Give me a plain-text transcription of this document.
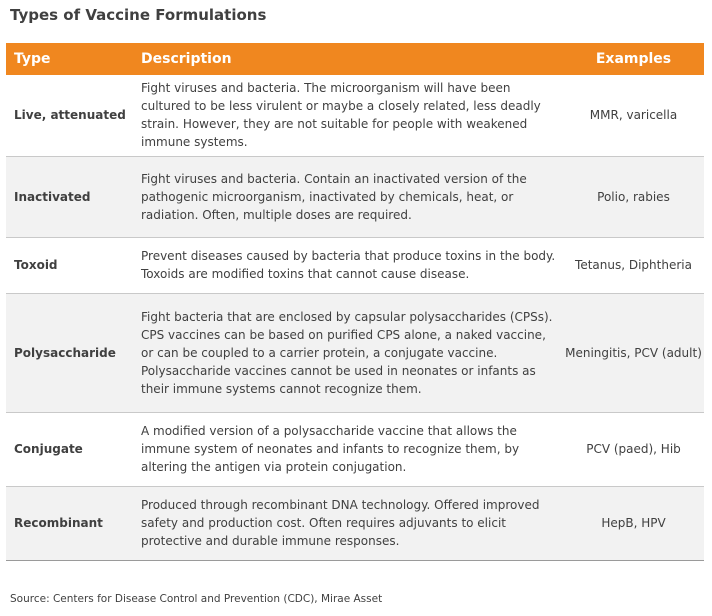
Types of Vaccine Formulations
Type	Description	Examples
Live, attenuated	Fight viruses and bacteria. The microorganism will have been cultured to be less virulent or maybe a closely related, less deadly strain. However, they are not suitable for people with weakened immune systems.	MMR, varicella
Inactivated	Fight viruses and bacteria. Contain an inactivated version of the pathogenic microorganism, inactivated by chemicals, heat, or radiation. Often, multiple doses are required.	Polio, rabies
Toxoid	Prevent diseases caused by bacteria that produce toxins in the body. Toxoids are modified toxins that cannot cause disease.	Tetanus, Diphtheria
Polysaccharide	Fight bacteria that are enclosed by capsular polysaccharides (CPSs). CPS vaccines can be based on purified CPS alone, a naked vaccine, or can be coupled to a carrier protein, a conjugate vaccine. Polysaccharide vaccines cannot be used in neonates or infants as their immune systems cannot recognize them.	Meningitis, PCV (adult)
Conjugate	A modified version of a polysaccharide vaccine that allows the immune system of neonates and infants to recognize them, by altering the antigen via protein conjugation.	PCV (paed), Hib
Recombinant	Produced through recombinant DNA technology. Offered improved safety and production cost. Often requires adjuvants to elicit protective and durable immune responses.	HepB, HPV
Source: Centers for Disease Control and Prevention (CDC), Mirae Asset
